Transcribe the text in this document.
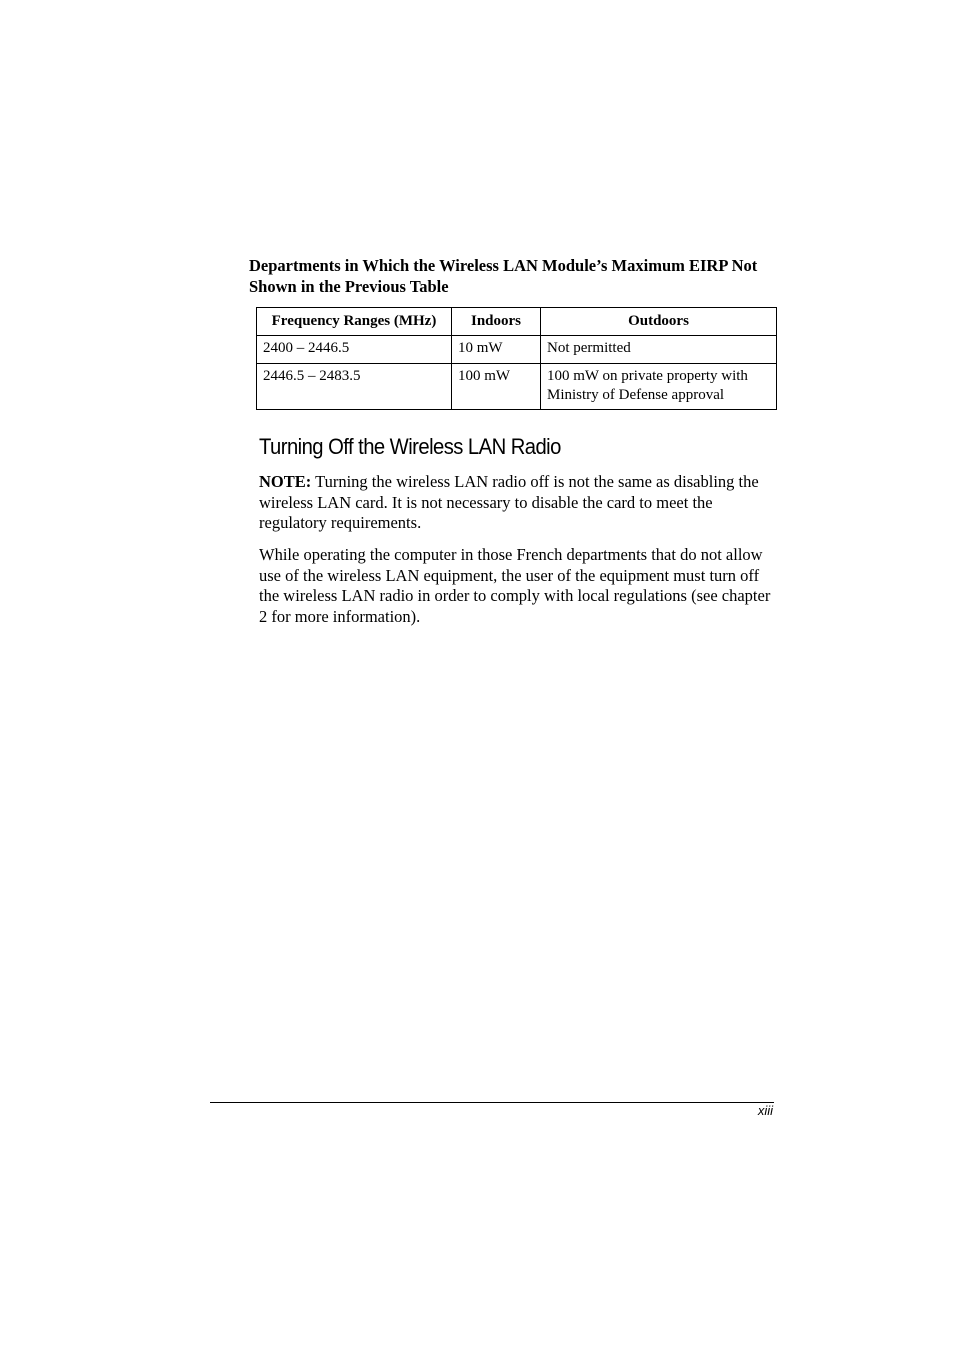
Departments in Which the Wireless LAN Module’s Maximum EIRP Not Shown in the Previous Table

Frequency Ranges (MHz)	Indoors	Outdoors
2400 – 2446.5	10 mW	Not permitted
2446.5 – 2483.5	100 mW	100 mW on private property with Ministry of Defense approval
Turning Off the Wireless LAN Radio

NOTE: Turning the wireless LAN radio off is not the same as disabling the wireless LAN card. It is not necessary to disable the card to meet the regulatory requirements.

While operating the computer in those French departments that do not allow use of the wireless LAN equipment, the user of the equipment must turn off the wireless LAN radio in order to comply with local regulations (see chapter 2 for more information).

xiii
